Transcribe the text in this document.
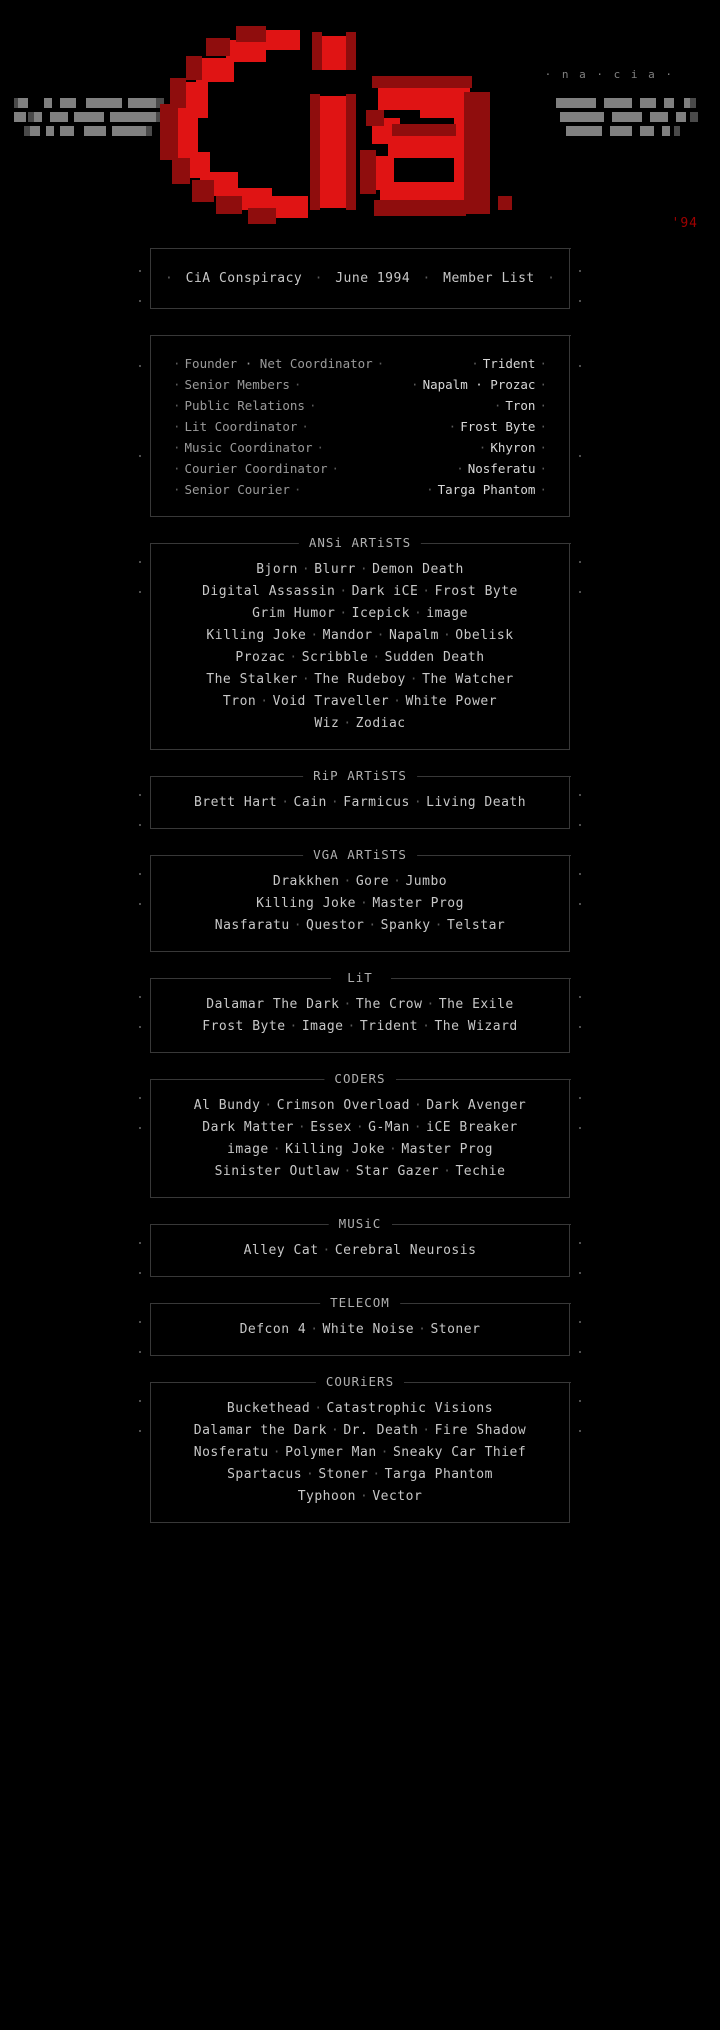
· n a · c i a ·
'94
· CiA Conspiracy · June 1994 · Member List ·
· Founder · Net Coordinator ·	· Trident ·
· Senior Members ·	· Napalm · Prozac ·
· Public Relations ·	· Tron ·
· Lit Coordinator ·	· Frost Byte ·
· Music Coordinator ·	· Khyron ·
· Courier Coordinator ·	· Nosferatu ·
· Senior Courier ·	· Targa Phantom ·
ANSi ARTiSTS
Bjorn · Blurr · Demon Death
Digital Assassin · Dark iCE · Frost Byte
Grim Humor · Icepick · image
Killing Joke · Mandor · Napalm · Obelisk
Prozac · Scribble · Sudden Death
The Stalker · The Rudeboy · The Watcher
Tron · Void Traveller · White Power
Wiz · Zodiac
RiP ARTiSTS
Brett Hart · Cain · Farmicus · Living Death
VGA ARTiSTS
Drakkhen · Gore · Jumbo
Killing Joke · Master Prog
Nasfaratu · Questor · Spanky · Telstar
LiT
Dalamar The Dark · The Crow · The Exile
Frost Byte · Image · Trident · The Wizard
CODERS
Al Bundy · Crimson Overload · Dark Avenger
Dark Matter · Essex · G-Man · iCE Breaker
image · Killing Joke · Master Prog
Sinister Outlaw · Star Gazer · Techie
MUSiC
Alley Cat · Cerebral Neurosis
TELECOM
Defcon 4 · White Noise · Stoner
COURiERS
Buckethead · Catastrophic Visions
Dalamar the Dark · Dr. Death · Fire Shadow
Nosferatu · Polymer Man · Sneaky Car Thief
Spartacus · Stoner · Targa Phantom
Typhoon · Vector
